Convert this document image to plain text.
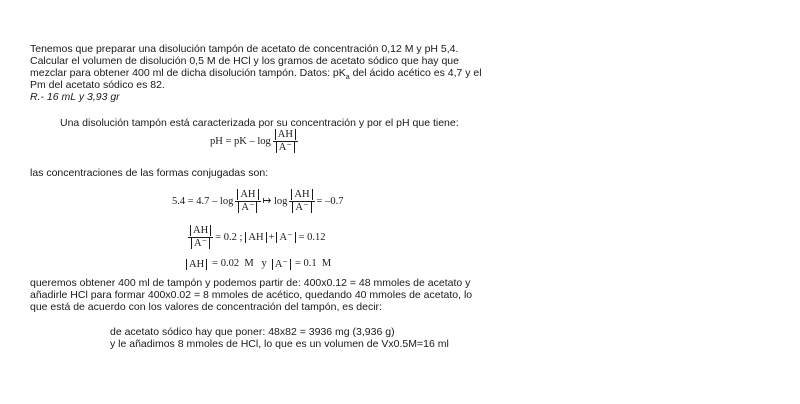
Tenemos que preparar una disolución tampón de acetato de concentración 0,12 M y pH 5,4.
Calcular el volumen de disolución 0,5 M de HCl y los gramos de acetato sódico que hay que
mezclar para obtener 400 ml de dicha disolución tampón. Datos: $pK_a$ del ácido acético es 4,7 y el
Pm del acetato sódico es 82.
R.- 16 mL y 3,93 gr
Una disolución tampón está caracterizada por su concentración y por el pH que tiene:
pH = pK – $\log \frac{AH}{A^-}$
las concentraciones de las formas conjugadas son:
$5.4 = 4.7 - \log \frac{AH}{A^-}$ ↦ $\log \frac{AH}{A^-} = -0.7$
$\frac{AH}{A^-} = 0.2$ ; AH + A⁻ = 0.12
AH = 0.02  M   y A⁻ = 0.1  M
queremos obtener 400 ml de tampón y podemos partir de: 400x0.12 = 48 mmoles de acetato y
añadirle HCl para formar 400x0.02 = 8 mmoles de acético, quedando 40 mmoles de acetato, lo
que está de acuerdo con los valores de concentración del tampón, es decir:
de acetato sódico hay que poner: 48x82 = 3936 mg (3,936 g)
y le añadimos 8 mmoles de HCl, lo que es un volumen de Vx0.5M=16 ml
